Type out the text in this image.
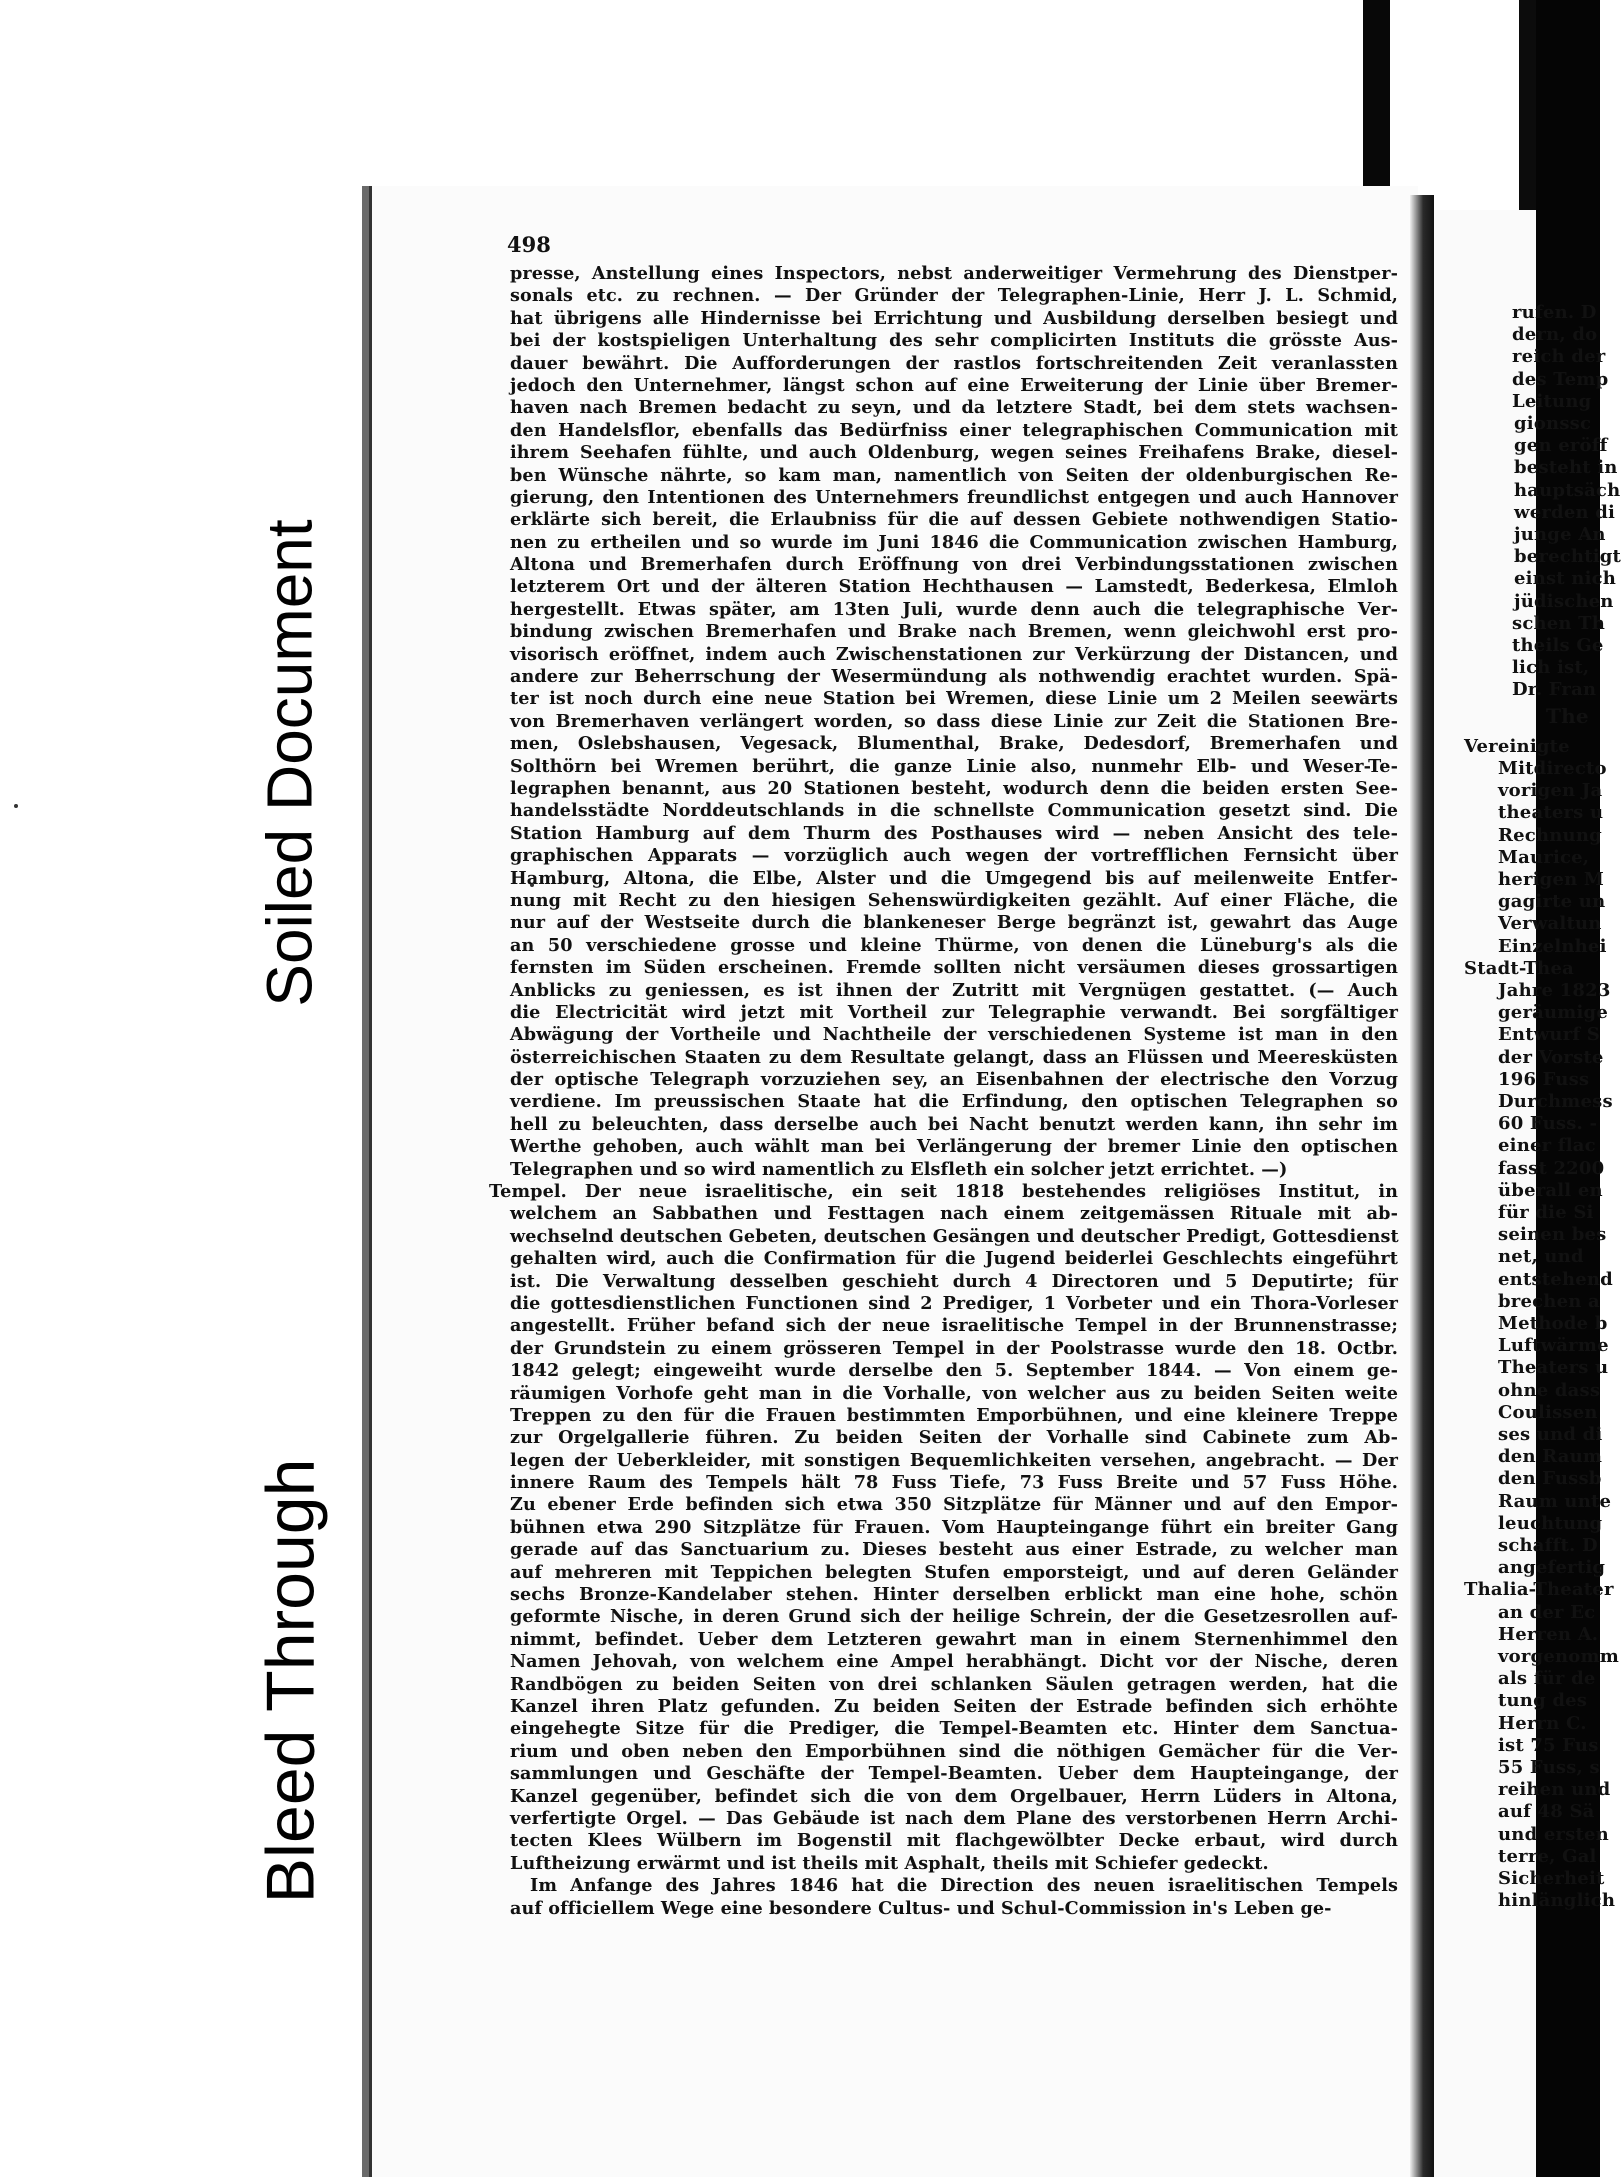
Soiled Document
Bleed Through
498
presse, Anstellung eines Inspectors, nebst anderweitiger Vermehrung des Dienstper-
sonals etc. zu rechnen. — Der Gründer der Telegraphen-Linie, Herr J. L. Schmid,
hat übrigens alle Hindernisse bei Errichtung und Ausbildung derselben besiegt und
bei der kostspieligen Unterhaltung des sehr complicirten Instituts die grösste Aus-
dauer bewährt. Die Aufforderungen der rastlos fortschreitenden Zeit veranlassten
jedoch den Unternehmer, längst schon auf eine Erweiterung der Linie über Bremer-
haven nach Bremen bedacht zu seyn, und da letztere Stadt, bei dem stets wachsen-
den Handelsflor, ebenfalls das Bedürfniss einer telegraphischen Communication mit
ihrem Seehafen fühlte, und auch Oldenburg, wegen seines Freihafens Brake, diesel-
ben Wünsche nährte, so kam man, namentlich von Seiten der oldenburgischen Re-
gierung, den Intentionen des Unternehmers freundlichst entgegen und auch Hannover
erklärte sich bereit, die Erlaubniss für die auf dessen Gebiete nothwendigen Statio-
nen zu ertheilen und so wurde im Juni 1846 die Communication zwischen Hamburg,
Altona und Bremerhafen durch Eröffnung von drei Verbindungsstationen zwischen
letzterem Ort und der älteren Station Hechthausen — Lamstedt, Bederkesa, Elmloh
hergestellt. Etwas später, am 13ten Juli, wurde denn auch die telegraphische Ver-
bindung zwischen Bremerhafen und Brake nach Bremen, wenn gleichwohl erst pro-
visorisch eröffnet, indem auch Zwischenstationen zur Verkürzung der Distancen, und
andere zur Beherrschung der Wesermündung als nothwendig erachtet wurden. Spä-
ter ist noch durch eine neue Station bei Wremen, diese Linie um 2 Meilen seewärts
von Bremerhaven verlängert worden, so dass diese Linie zur Zeit die Stationen Bre-
men, Oslebshausen, Vegesack, Blumenthal, Brake, Dedesdorf, Bremerhafen und
Solthörn bei Wremen berührt, die ganze Linie also, nunmehr Elb- und Weser-Te-
legraphen benannt, aus 20 Stationen besteht, wodurch denn die beiden ersten See-
handelsstädte Norddeutschlands in die schnellste Communication gesetzt sind. Die
Station Hamburg auf dem Thurm des Posthauses wird — neben Ansicht des tele-
graphischen Apparats — vorzüglich auch wegen der vortrefflichen Fernsicht über
Hamburg, Altona, die Elbe, Alster und die Umgegend bis auf meilenweite Entfer-
nung mit Recht zu den hiesigen Sehenswürdigkeiten gezählt. Auf einer Fläche, die
nur auf der Westseite durch die blankeneser Berge begränzt ist, gewahrt das Auge
an 50 verschiedene grosse und kleine Thürme, von denen die Lüneburg's als die
fernsten im Süden erscheinen. Fremde sollten nicht versäumen dieses grossartigen
Anblicks zu geniessen, es ist ihnen der Zutritt mit Vergnügen gestattet. (— Auch
die Electricität wird jetzt mit Vortheil zur Telegraphie verwandt. Bei sorgfältiger
Abwägung der Vortheile und Nachtheile der verschiedenen Systeme ist man in den
österreichischen Staaten zu dem Resultate gelangt, dass an Flüssen und Meeresküsten
der optische Telegraph vorzuziehen sey, an Eisenbahnen der electrische den Vorzug
verdiene. Im preussischen Staate hat die Erfindung, den optischen Telegraphen so
hell zu beleuchten, dass derselbe auch bei Nacht benutzt werden kann, ihn sehr im
Werthe gehoben, auch wählt man bei Verlängerung der bremer Linie den optischen
Telegraphen und so wird namentlich zu Elsfleth ein solcher jetzt errichtet. —)
Tempel. Der neue israelitische, ein seit 1818 bestehendes religiöses Institut, in
welchem an Sabbathen und Festtagen nach einem zeitgemässen Rituale mit ab-
wechselnd deutschen Gebeten, deutschen Gesängen und deutscher Predigt, Gottesdienst
gehalten wird, auch die Confirmation für die Jugend beiderlei Geschlechts eingeführt
ist. Die Verwaltung desselben geschieht durch 4 Directoren und 5 Deputirte; für
die gottesdienstlichen Functionen sind 2 Prediger, 1 Vorbeter und ein Thora-Vorleser
angestellt. Früher befand sich der neue israelitische Tempel in der Brunnenstrasse;
der Grundstein zu einem grösseren Tempel in der Poolstrasse wurde den 18. Octbr.
1842 gelegt; eingeweiht wurde derselbe den 5. September 1844. — Von einem ge-
räumigen Vorhofe geht man in die Vorhalle, von welcher aus zu beiden Seiten weite
Treppen zu den für die Frauen bestimmten Emporbühnen, und eine kleinere Treppe
zur Orgelgallerie führen. Zu beiden Seiten der Vorhalle sind Cabinete zum Ab-
legen der Ueberkleider, mit sonstigen Bequemlichkeiten versehen, angebracht. — Der
innere Raum des Tempels hält 78 Fuss Tiefe, 73 Fuss Breite und 57 Fuss Höhe.
Zu ebener Erde befinden sich etwa 350 Sitzplätze für Männer und auf den Empor-
bühnen etwa 290 Sitzplätze für Frauen. Vom Haupteingange führt ein breiter Gang
gerade auf das Sanctuarium zu. Dieses besteht aus einer Estrade, zu welcher man
auf mehreren mit Teppichen belegten Stufen emporsteigt, und auf deren Geländer
sechs Bronze-Kandelaber stehen. Hinter derselben erblickt man eine hohe, schön
geformte Nische, in deren Grund sich der heilige Schrein, der die Gesetzesrollen auf-
nimmt, befindet. Ueber dem Letzteren gewahrt man in einem Sternenhimmel den
Namen Jehovah, von welchem eine Ampel herabhängt. Dicht vor der Nische, deren
Randbögen zu beiden Seiten von drei schlanken Säulen getragen werden, hat die
Kanzel ihren Platz gefunden. Zu beiden Seiten der Estrade befinden sich erhöhte
eingehegte Sitze für die Prediger, die Tempel-Beamten etc. Hinter dem Sanctua-
rium und oben neben den Emporbühnen sind die nöthigen Gemächer für die Ver-
sammlungen und Geschäfte der Tempel-Beamten. Ueber dem Haupteingange, der
Kanzel gegenüber, befindet sich die von dem Orgelbauer, Herrn Lüders in Altona,
verfertigte Orgel. — Das Gebäude ist nach dem Plane des verstorbenen Herrn Archi-
tecten Klees Wülbern im Bogenstil mit flachgewölbter Decke erbaut, wird durch
Luftheizung erwärmt und ist theils mit Asphalt, theils mit Schiefer gedeckt.
Im Anfange des Jahres 1846 hat die Direction des neuen israelitischen Tempels
auf officiellem Wege eine besondere Cultus- und Schul-Commission in's Leben ge-
rufen. D
dern, do
reich der
des Temp
Leitung
gionssc
gen eröff
besteht in
hauptsäch
werden di
junge An
berechtigt
einst nich
jüdischen
schen Th
theils Ge
lich ist,
Dr. Fran
The
Vereinigte
Mitdirecto
vorigen Ja
theaters u
Rechnung
Maurice,
herigen M
gagirte un
Verwaltun
Einzelnhei
Stadt-Thea
Jahre 1823
geräumige
Entwurf S
der Vorste
196 Fuss
Durchmess
60 Fuss. -
einer flac
fasst 2200
überall en
für die Si
seinen bes
net, und
entstehend
brechen a
Methode b
Luftwärme
Theaters u
ohne dass
Coulissen
ses und di
den Raum
den Fussb
Raum unte
leuchtung
schafft. D
angefertig
Thalia-Theater
an der Ec
Herren A.
vorgenomm
als für de
tung des
Herrn C.
ist 75 Fus
55 Fuss, s
reihen und
auf 48 Sä
und ersten
terre, Gal
Sicherheit
hinlänglich
